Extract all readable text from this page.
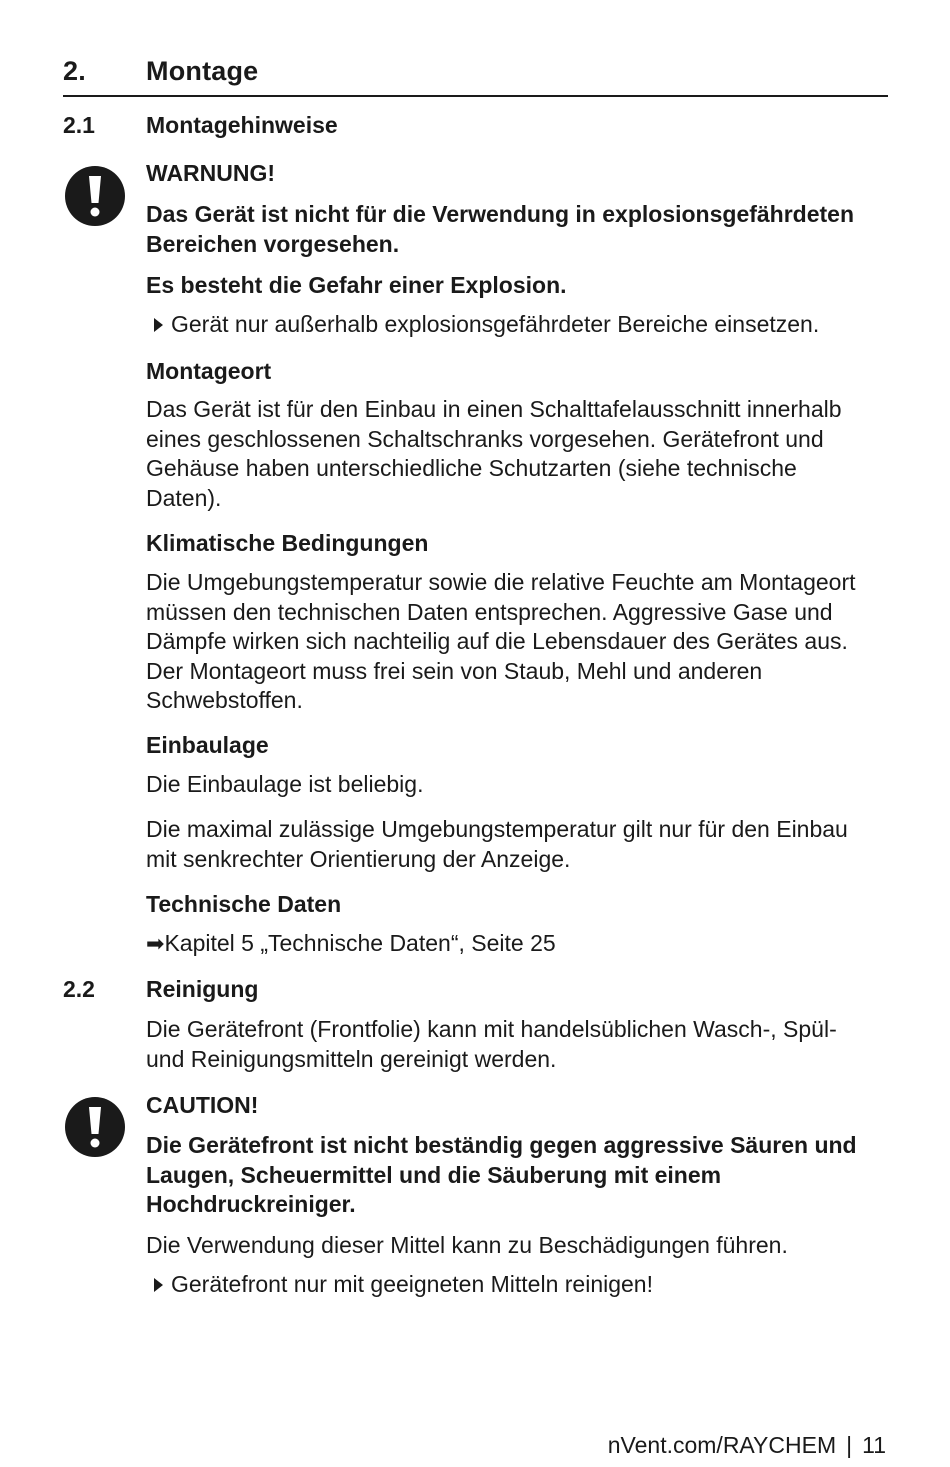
2. Montage
2.1 Montagehinweise
WARNUNG!
Das Gerät ist nicht für die Verwendung in explosionsgefährdeten Bereichen vorgesehen.
Es besteht die Gefahr einer Explosion.
Gerät nur außerhalb explosionsgefährdeter Bereiche einsetzen.
Montageort
Das Gerät ist für den Einbau in einen Schalttafelausschnitt innerhalb eines geschlossenen Schaltschranks vorgesehen. Gerätefront und Gehäuse haben unterschiedliche Schutzarten (siehe technische Daten).
Klimatische Bedingungen
Die Umgebungstemperatur sowie die relative Feuchte am Montageort müssen den technischen Daten entsprechen. Aggressive Gase und Dämpfe wirken sich nachteilig auf die Lebensdauer des Gerätes aus. Der Montageort muss frei sein von Staub, Mehl und anderen Schwebstoffen.
Einbaulage
Die Einbaulage ist beliebig.
Die maximal zulässige Umgebungstemperatur gilt nur für den Einbau mit senkrechter Orientierung der Anzeige.
Technische Daten
➡Kapitel 5 „Technische Daten“, Seite 25
2.2 Reinigung
Die Gerätefront (Frontfolie) kann mit handelsüblichen Wasch-, Spül- und Reinigungsmitteln gereinigt werden.
CAUTION!
Die Gerätefront ist nicht beständig gegen aggressive Säuren und Laugen, Scheuermittel und die Säuberung mit einem Hochdruckreiniger.
Die Verwendung dieser Mittel kann zu Beschädigungen führen.
Gerätefront nur mit geeigneten Mitteln reinigen!
nVent.com/RAYCHEM | 11
